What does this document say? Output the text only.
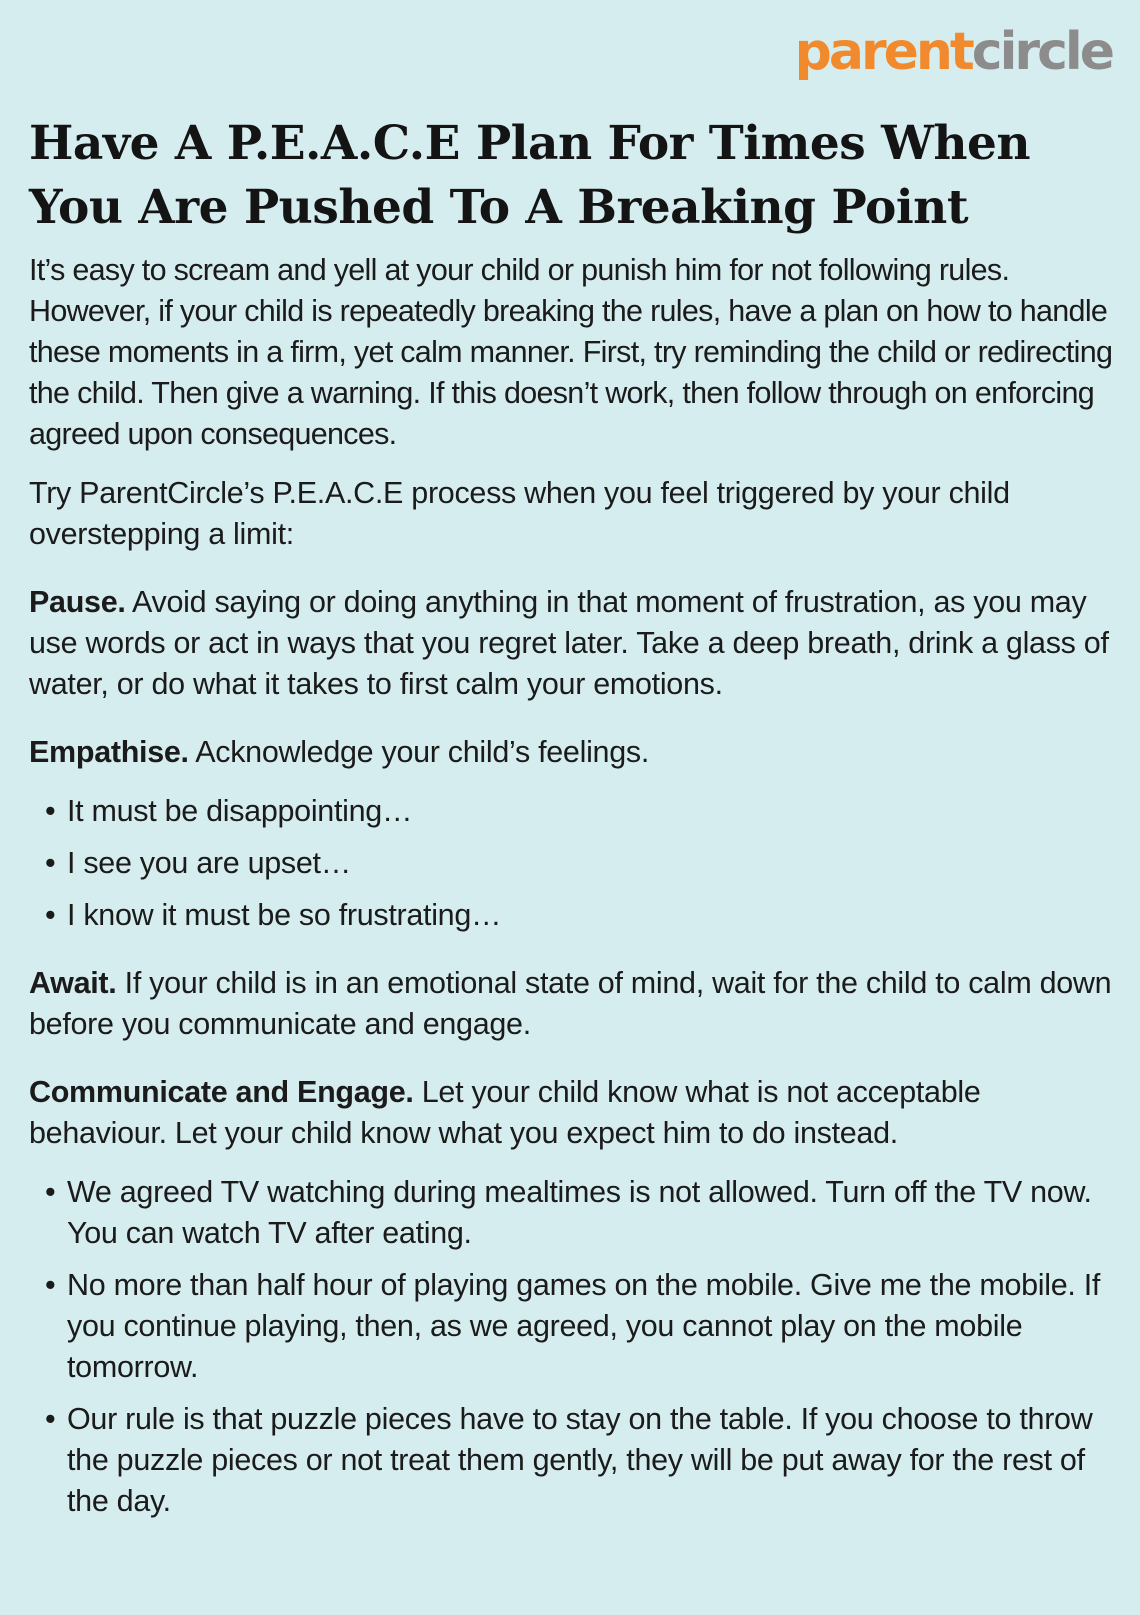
parentcircle
Have A P.E.A.C.E Plan For Times When
You Are Pushed To A Breaking Point

It’s easy to scream and yell at your child or punish him for not following rules. However, if your child is repeatedly breaking the rules, have a plan on how to handle these moments in a firm, yet calm manner. First, try reminding the child or redirecting the child. Then give a warning. If this doesn’t work, then follow through on enforcing agreed upon consequences.

Try ParentCircle’s P.E.A.C.E process when you feel triggered by your child overstepping a limit:

Pause. Avoid saying or doing anything in that moment of frustration, as you may use words or act in ways that you regret later. Take a deep breath, drink a glass of water, or do what it takes to first calm your emotions.

Empathise. Acknowledge your child’s feelings.

• It must be disappointing…
• I see you are upset…
• I know it must be so frustrating…

Await. If your child is in an emotional state of mind, wait for the child to calm down before you communicate and engage.

Communicate and Engage. Let your child know what is not acceptable behaviour. Let your child know what you expect him to do instead.

• We agreed TV watching during mealtimes is not allowed. Turn off the TV now. You can watch TV after eating.
• No more than half hour of playing games on the mobile. Give me the mobile. If you continue playing, then, as we agreed, you cannot play on the mobile tomorrow.
• Our rule is that puzzle pieces have to stay on the table. If you choose to throw the puzzle pieces or not treat them gently, they will be put away for the rest of the day.
